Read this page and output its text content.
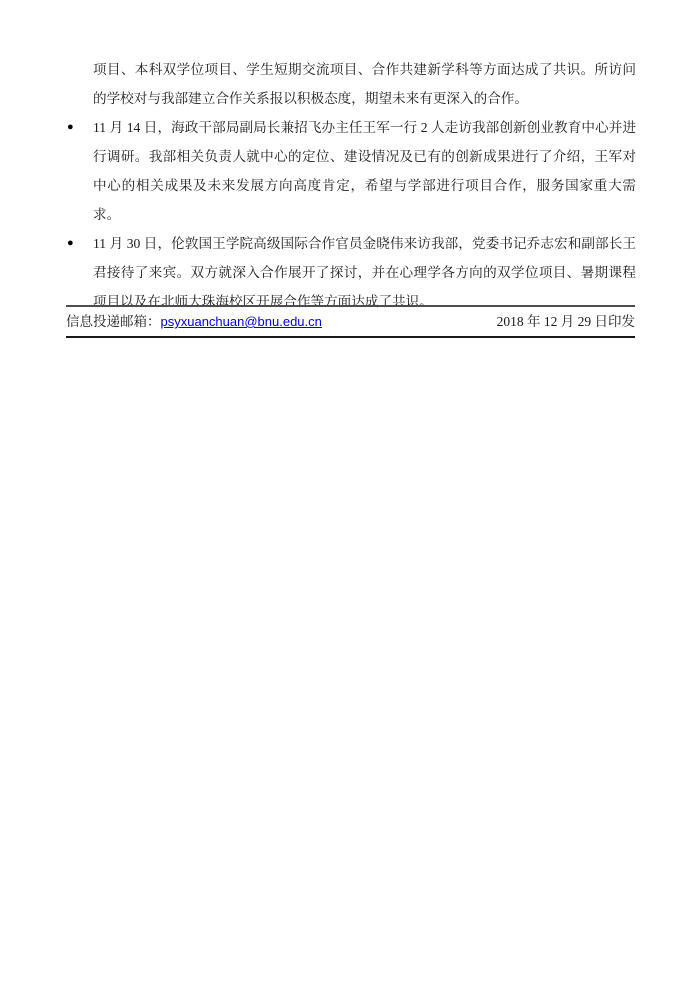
项目、本科双学位项目、学生短期交流项目、合作共建新学科等方面达成了共识。所访问的学校对与我部建立合作关系报以积极态度，期望未来有更深入的合作。

● 11 月 14 日，海政干部局副局长兼招飞办主任王军一行 2 人走访我部创新创业教育中心并进行调研。我部相关负责人就中心的定位、建设情况及已有的创新成果进行了介绍，王军对中心的相关成果及未来发展方向高度肯定，希望与学部进行项目合作，服务国家重大需求。
● 11 月 30 日，伦敦国王学院高级国际合作官员金晓伟来访我部，党委书记乔志宏和副部长王君接待了来宾。双方就深入合作展开了探讨，并在心理学各方向的双学位项目、暑期课程项目以及在北师大珠海校区开展合作等方面达成了共识。
信息投递邮箱：psyxuanchuan@bnu.edu.cn	2018 年 12 月 29 日印发
